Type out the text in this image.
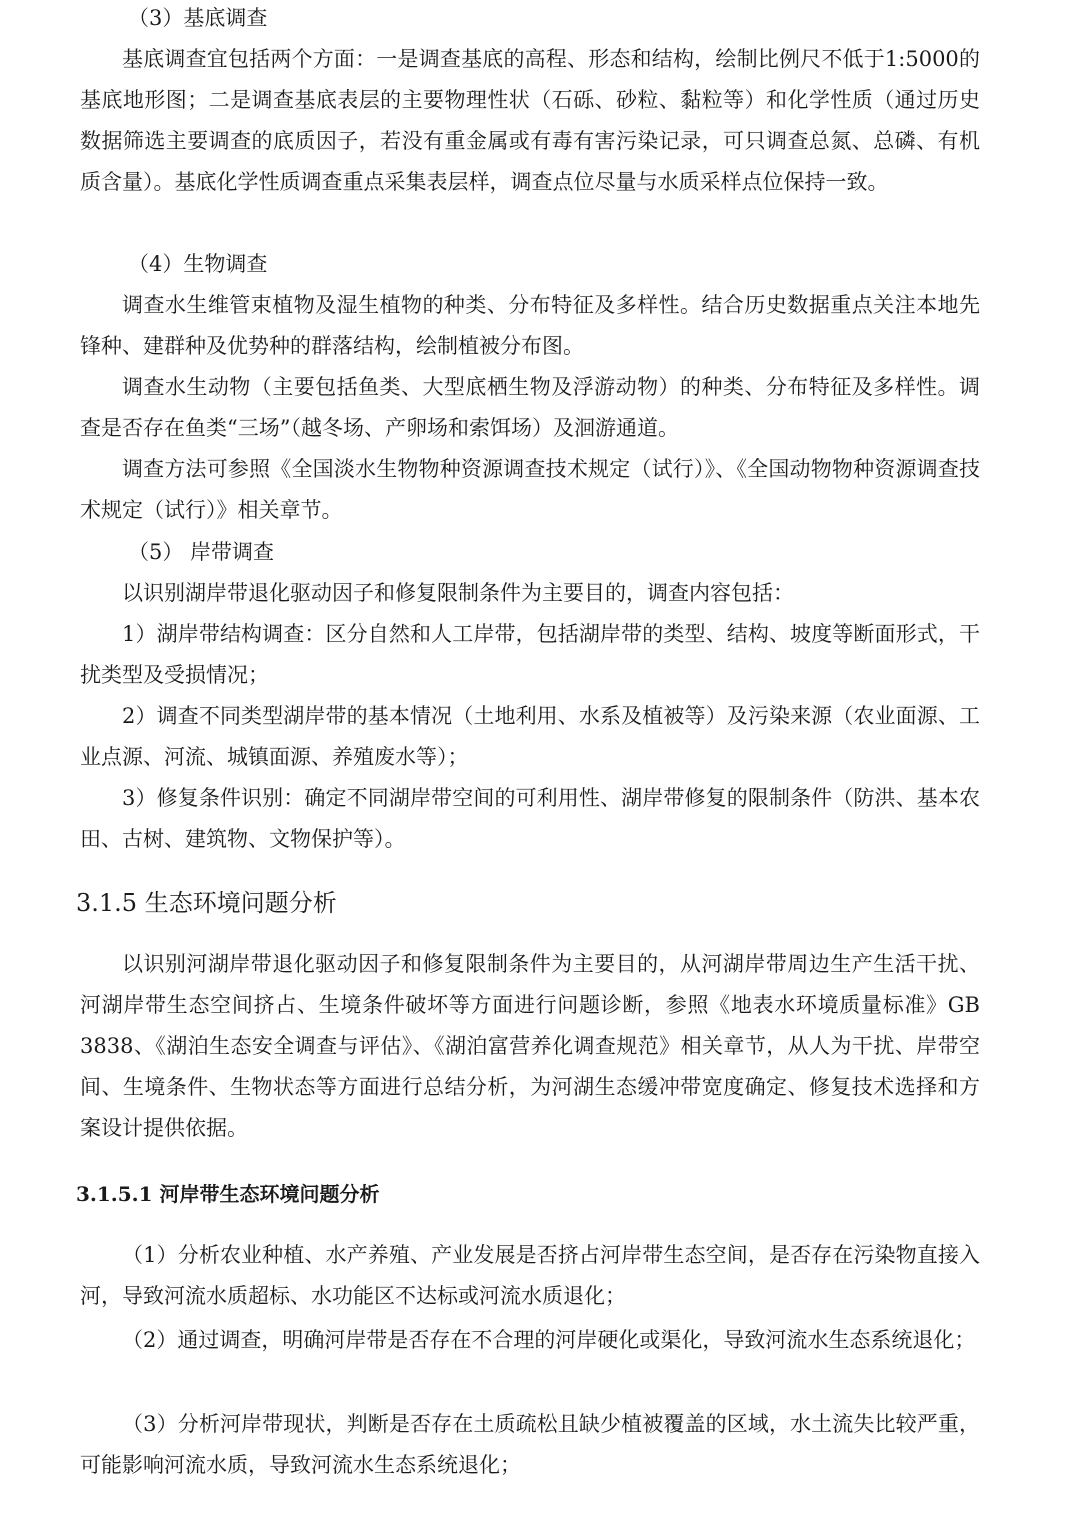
（3）基底调查
基底调查宜包括两个方面：一是调查基底的高程、形态和结构，绘制比例尺不低于1:5000的基底地形图；二是调查基底表层的主要物理性状（石砾、砂粒、黏粒等）和化学性质（通过历史数据筛选主要调查的底质因子，若没有重金属或有毒有害污染记录，可只调查总氮、总磷、有机质含量）。基底化学性质调查重点采集表层样，调查点位尽量与水质采样点位保持一致。
（4）生物调查
调查水生维管束植物及湿生植物的种类、分布特征及多样性。结合历史数据重点关注本地先锋种、建群种及优势种的群落结构，绘制植被分布图。
调查水生动物（主要包括鱼类、大型底栖生物及浮游动物）的种类、分布特征及多样性。调查是否存在鱼类“三场”（越冬场、产卵场和索饵场）及洄游通道。
调查方法可参照《全国淡水生物物种资源调查技术规定（试行）》、《全国动物物种资源调查技术规定（试行）》相关章节。
（5） 岸带调查
以识别湖岸带退化驱动因子和修复限制条件为主要目的，调查内容包括：
1）湖岸带结构调查：区分自然和人工岸带，包括湖岸带的类型、结构、坡度等断面形式，干扰类型及受损情况；
2）调查不同类型湖岸带的基本情况（土地利用、水系及植被等）及污染来源（农业面源、工业点源、河流、城镇面源、养殖废水等）；
3）修复条件识别：确定不同湖岸带空间的可利用性、湖岸带修复的限制条件（防洪、基本农田、古树、建筑物、文物保护等）。
3.1.5 生态环境问题分析
以识别河湖岸带退化驱动因子和修复限制条件为主要目的，从河湖岸带周边生产生活干扰、河湖岸带生态空间挤占、生境条件破坏等方面进行问题诊断，参照《地表水环境质量标准》GB 3838、《湖泊生态安全调查与评估》、《湖泊富营养化调查规范》相关章节，从人为干扰、岸带空间、生境条件、生物状态等方面进行总结分析，为河湖生态缓冲带宽度确定、修复技术选择和方案设计提供依据。
3.1.5.1 河岸带生态环境问题分析
（1）分析农业种植、水产养殖、产业发展是否挤占河岸带生态空间，是否存在污染物直接入河，导致河流水质超标、水功能区不达标或河流水质退化；
（2）通过调查，明确河岸带是否存在不合理的河岸硬化或渠化，导致河流水生态系统退化；
（3）分析河岸带现状，判断是否存在土质疏松且缺少植被覆盖的区域，水土流失比较严重，可能影响河流水质，导致河流水生态系统退化；
